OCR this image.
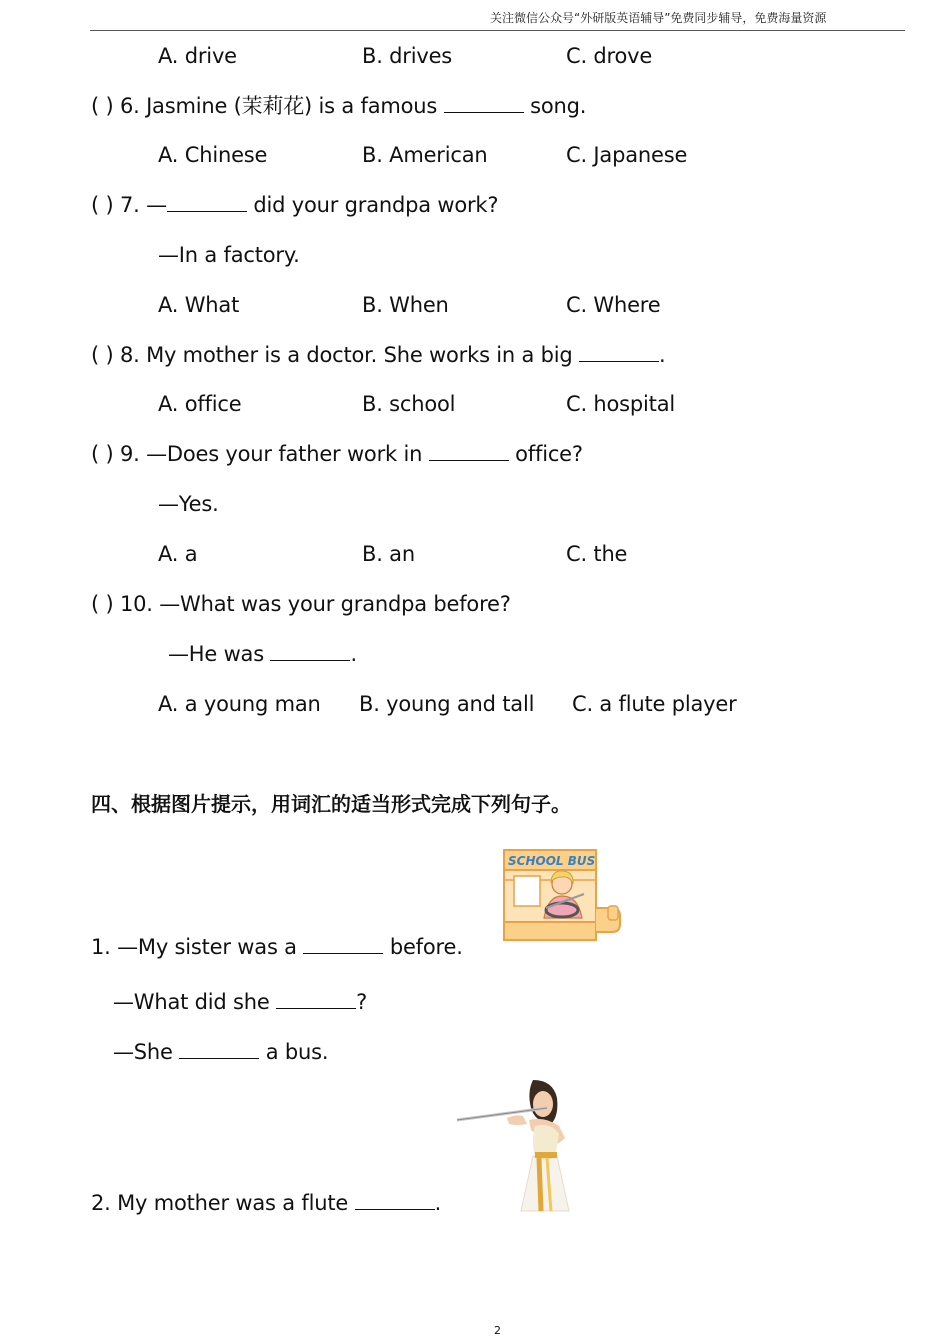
关注微信公众号“外研版英语辅导”免费同步辅导，免费海量资源
A. drive	B. drives	C. drove
( ) 6. Jasmine (茉莉花) is a famous	song.
A. Chinese	B. American	C. Japanese
( ) 7. —	did your grandpa work?
—In a factory.
A. What	B. When	C. Where
( ) 8. My mother is a doctor. She works in a big	.
A. office	B. school	C. hospital
( ) 9. —Does your father work in	office?
—Yes.
A. a	B. an	C. the
( ) 10. —What was your grandpa before?
—He was	.
A. a young man B. young and tall C. a flute player
四、根据图片提示，用词汇的适当形式完成下列句子。
SCHOOL BUS
1. —My sister was a	before.
—What did she	?
—She	a bus.
2. My mother was a flute	.
2
